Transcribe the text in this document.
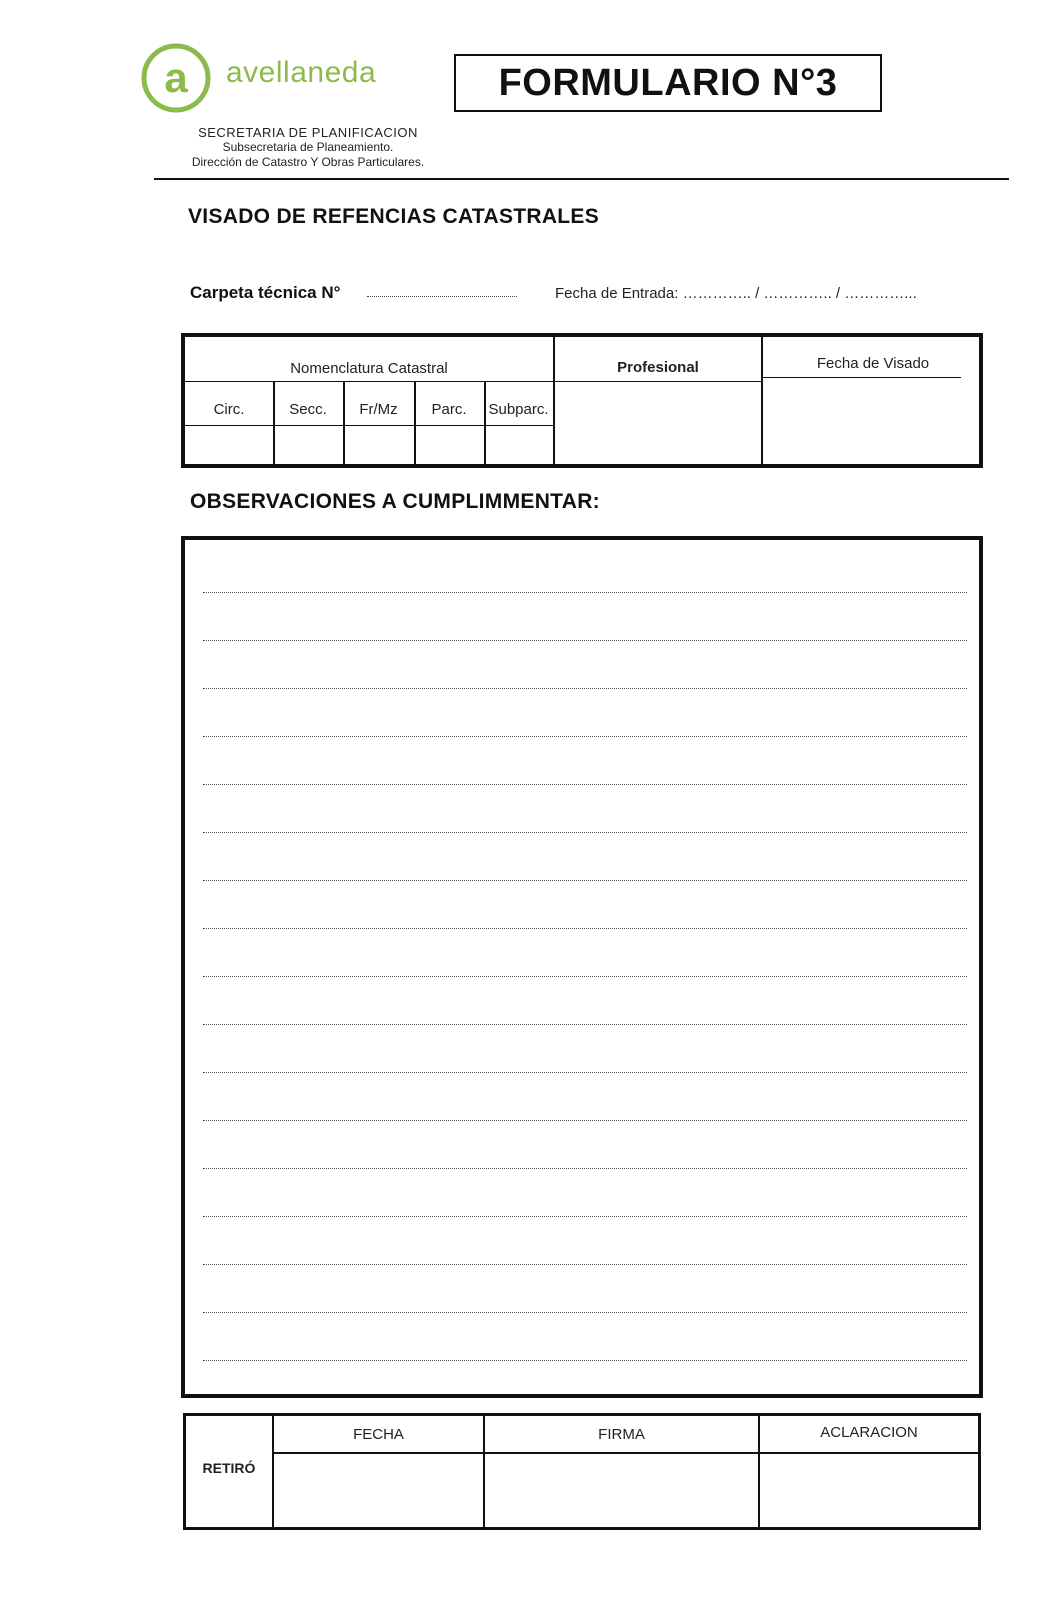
a avellaneda
SECRETARIA DE PLANIFICACION
Subsecretaria de Planeamiento.
Dirección de Catastro Y Obras Particulares.
FORMULARIO N°3
VISADO DE REFENCIAS CATASTRALES
Carpeta técnica N°	Fecha de Entrada: ………….. / ………….. / …………...
Nomenclatura Catastral	Profesional	Fecha de Visado
Circ.	Secc.	Fr/Mz	Parc.	Subparc.
OBSERVACIONES A CUMPLIMMENTAR:
RETIRÓ
FECHA	FIRMA	ACLARACION
